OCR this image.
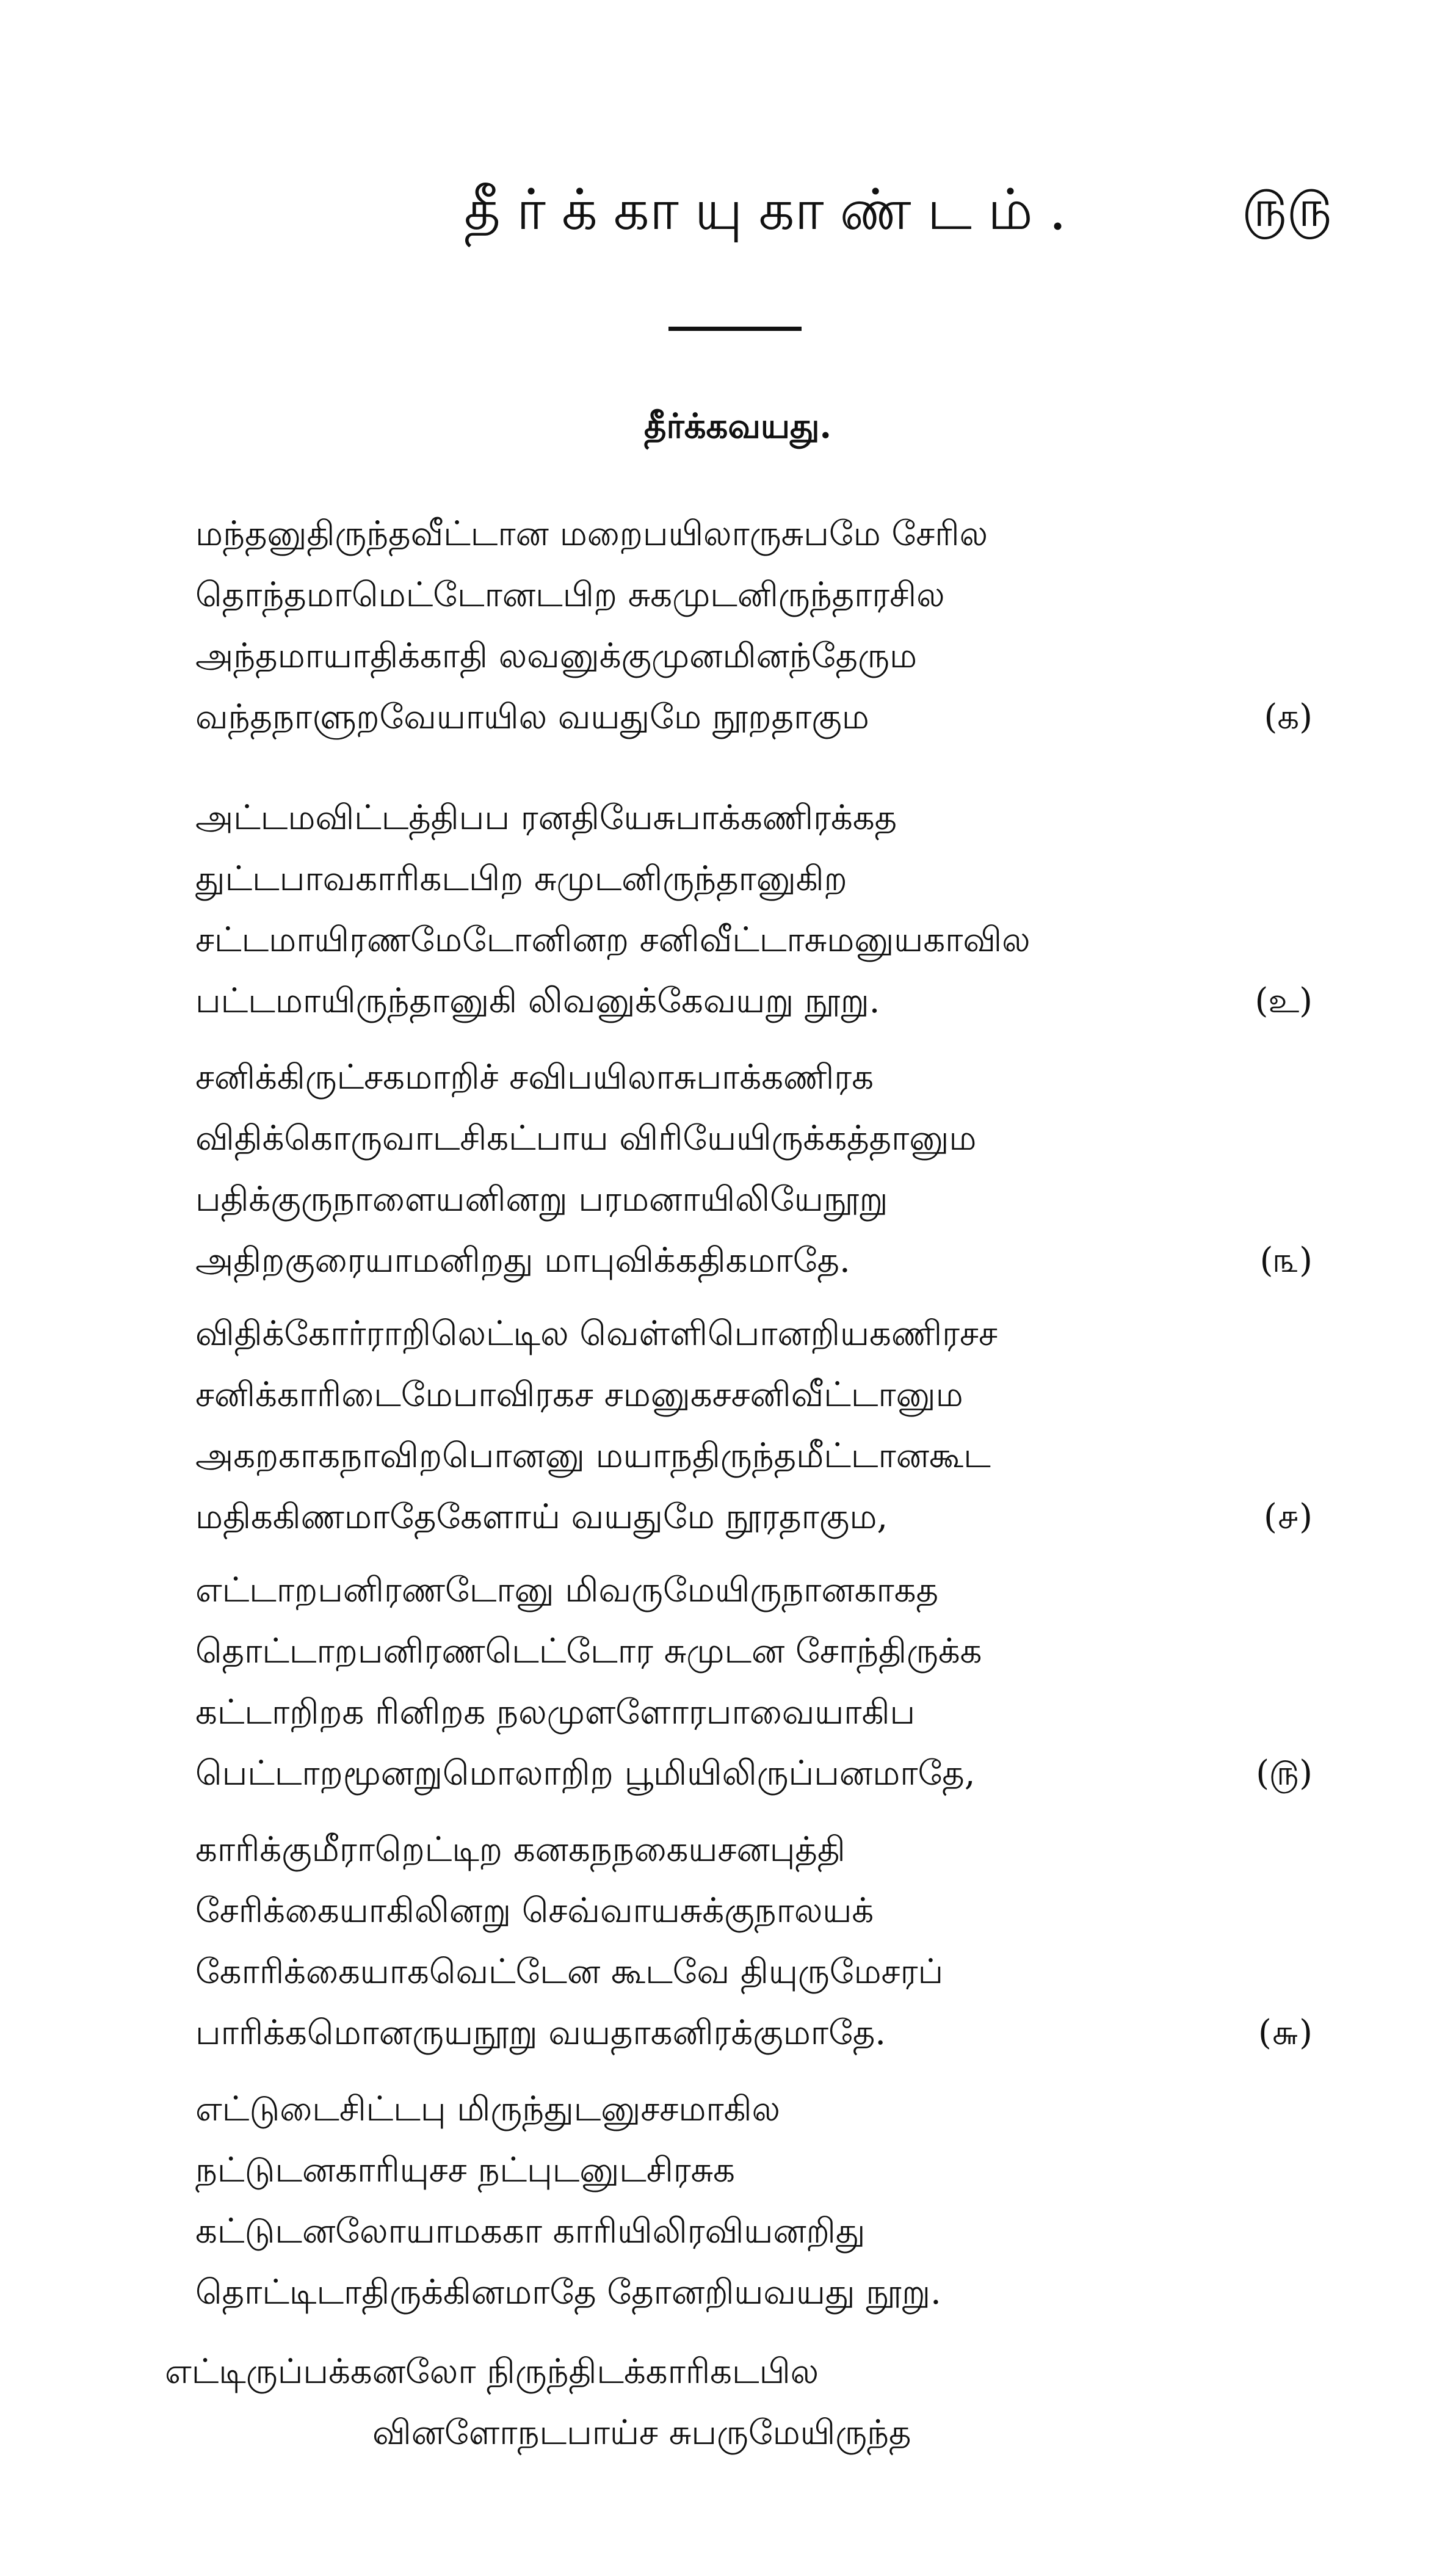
தீர்க்காயுகாண்டம்.	௫௫
தீர்க்கவயது.
மந்தனுதிருந்தவீட்டான மறைபயிலாருசுபமே சேரில
தொந்தமாமெட்டோனடபிற சுகமுடனிருந்தாரசில
அந்தமாயாதிக்காதி லவனுக்குமுனமினந்தேரும
வந்தநாளுறவேயாயில வயதுமே நூறதாகும	(க)
அட்டமவிட்டத்திபப ரனதியேசுபாக்கணிரக்கத
துட்டபாவகாரிகடபிற சுமுடனிருந்தானுகிற
சட்டமாயிரணமேடோனினற சனிவீட்டாசுமனுயகாவில
பட்டமாயிருந்தானுகி லிவனுக்கேவயறு நூறு.	(உ)
சனிக்கிருட்சகமாறிச் சவிபயிலாசுபாக்கணிரக
விதிக்கொருவாடசிகட்பாய விரியேயிருக்கத்தானும
பதிக்குருநாளையனினறு பரமனாயிலியேநூறு
அதிறகுரையாமனிறது மாபுவிக்கதிகமாதே.	(௩)
விதிக்கோர்ராறிலெட்டில வெள்ளிபொனறியகணிரசச
சனிக்காரிடைமேபாவிரகச சமனுகசசனிவீட்டானும
அகறகாகநாவிறபொனனு மயாநதிருந்தமீட்டானகூட
மதிககிணமாதேகேளாய் வயதுமே நூரதாகும,	(௪)
எட்டாறபனிரணடோனு மிவருமேயிருநானகாகத
தொட்டாறபனிரணடெட்டோர சுமுடன சோந்திருக்க
கட்டாறிறக ரினிறக நலமுளளோரபாவையாகிப
பெட்டாறமூனறுமொலாறிற பூமியிலிருப்பனமாதே,	(௫)
காரிக்குமீராறெட்டிற கனகநநகையசனபுத்தி
சேரிக்கையாகிலினறு செவ்வாயசுக்குநாலயக்
கோரிக்கையாகவெட்டேன கூடவே தியுருமேசரப்
பாரிக்கமொனருயநூறு வயதாகனிரக்குமாதே.	(௬)
எட்டுடைசிட்டபு மிருந்துடனுசசமாகில
நட்டுடனகாரியுசச நட்புடனுடசிரசுக
கட்டுடனலோயாமககா காரியிலிரவியனறிது
தொட்டிடாதிருக்கினமாதே தோனறியவயது நூறு.
எட்டிருப்பக்கனலோ நிருந்திடக்காரிகடபில
வினளோநடபாய்ச சுபருமேயிருந்த
